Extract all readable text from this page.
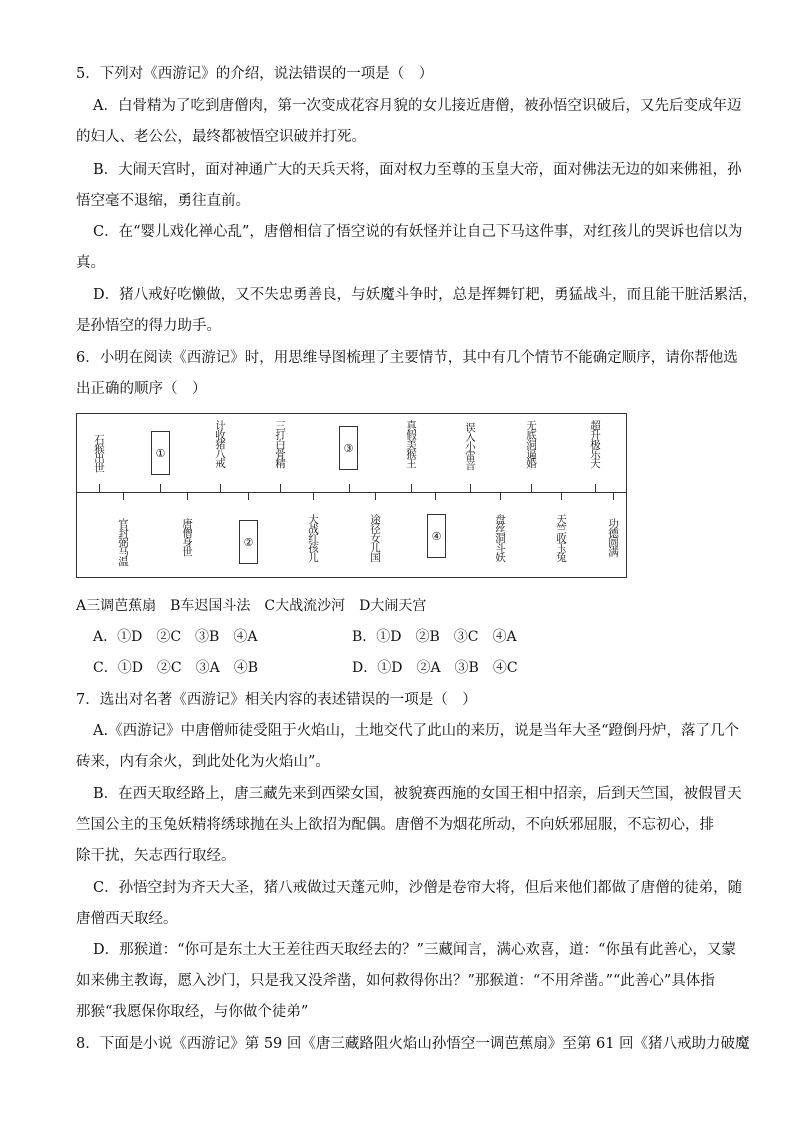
5．下列对《西游记》的介绍，说法错误的一项是（　）
A．白骨精为了吃到唐僧肉，第一次变成花容月貌的女儿接近唐僧，被孙悟空识破后，又先后变成年迈
的妇人、老公公，最终都被悟空识破并打死。
B．大闹天宫时，面对神通广大的天兵天将，面对权力至尊的玉皇大帝，面对佛法无边的如来佛祖，孙
悟空毫不退缩，勇往直前。
C．在“婴儿戏化禅心乱”，唐僧相信了悟空说的有妖怪并让自己下马这件事，对红孩儿的哭诉也信以为
真。
D．猪八戒好吃懒做，又不失忠勇善良，与妖魔斗争时，总是挥舞钉耙，勇猛战斗，而且能干脏活累活，
是孙悟空的得力助手。
6．小明在阅读《西游记》时，用思维导图梳理了主要情节，其中有几个情节不能确定顺序，请你帮他选
出正确的顺序（　）
石猴出世	①	计收猪八戒	三打白骨精	③	真假美猴王	误入小雷音	无底洞逼婚	超升极乐天
官封弼马温	唐僧身世	②	大战红孩儿	途径女儿国	④	盘丝洞斗妖	天竺收玉兔	功德圆满
A三调芭蕉扇　B车迟国斗法　C大战流沙河　D大闹天宫
A．①D　②C　③B　④A	B．①D　②B　③C　④A
C．①D　②C　③A　④B	D．①D　②A　③B　④C
7．选出对名著《西游记》相关内容的表述错误的一项是（　）
A.《西游记》中唐僧师徒受阻于火焰山，土地交代了此山的来历，说是当年大圣“蹬倒丹炉，落了几个
砖来，内有余火，到此处化为火焰山”。
B．在西天取经路上，唐三藏先来到西梁女国，被貌赛西施的女国王相中招亲，后到天竺国，被假冒天
竺国公主的玉兔妖精将绣球抛在头上欲招为配偶。唐僧不为烟花所动，不向妖邪屈服，不忘初心，排
除干扰，矢志西行取经。
C．孙悟空封为齐天大圣，猪八戒做过天蓬元帅，沙僧是卷帘大将，但后来他们都做了唐僧的徒弟，随
唐僧西天取经。
D．那猴道：“你可是东土大王差往西天取经去的？”三藏闻言，满心欢喜，道：“你虽有此善心，又蒙
如来佛主教诲，愿入沙门，只是我又没斧凿，如何救得你出？”那猴道：“不用斧凿。”“此善心”具体指
那猴“我愿保你取经，与你做个徒弟”
8．下面是小说《西游记》第 59 回《唐三藏路阻火焰山孙悟空一调芭蕉扇》至第 61 回《猪八戒助力破魔
